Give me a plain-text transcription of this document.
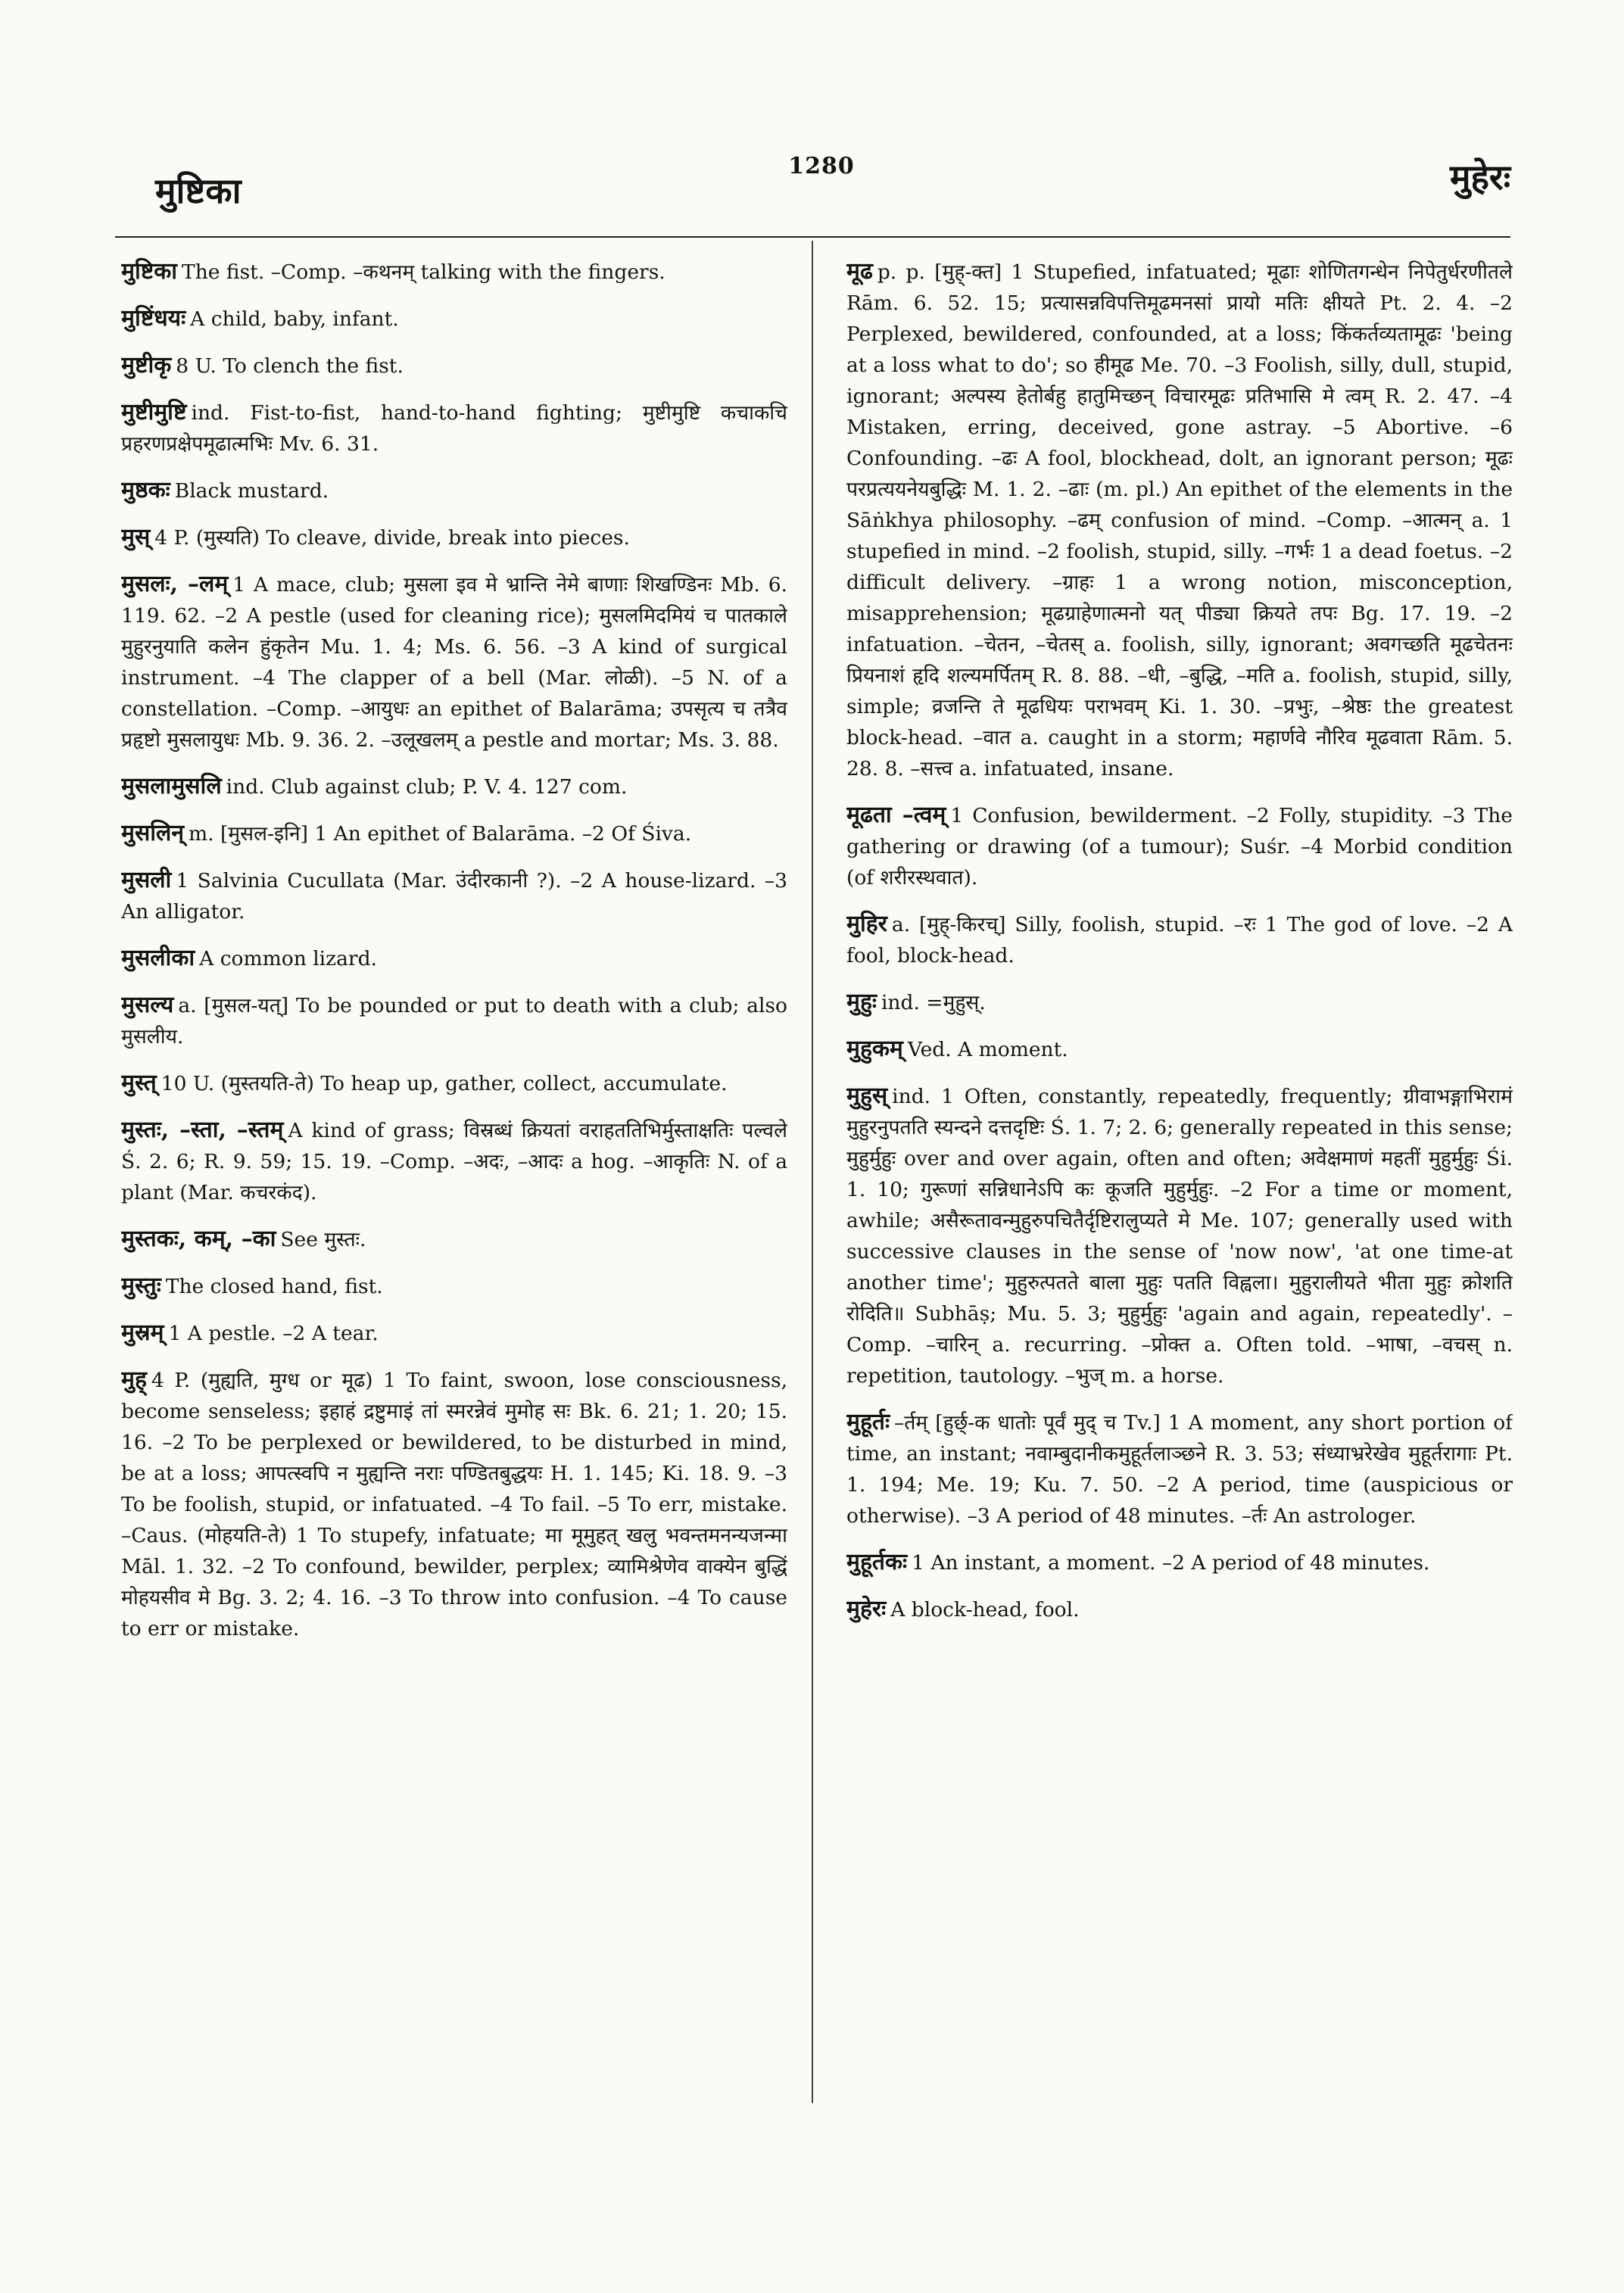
मुष्टिका
1280	मुहेरः

मुष्टिका The fist. –Comp. –कथनम् talking with the fingers.

मुष्टिंधयः A child, baby, infant.

मुष्टीकृ 8 U. To clench the fist.

मुष्टीमुष्टि ind. Fist-to-fist, hand-to-hand fighting; मुष्टीमुष्टि कचाकचि प्रहरणप्रक्षेपमूढात्मभिः Mv. 6. 31.

मुष्ठकः Black mustard.

मुस् 4 P. (मुस्यति) To cleave, divide, break into pieces.

मुसलः, –लम् 1 A mace, club; मुसला इव मे भ्रान्ति नेमे बाणाः शिखण्डिनः Mb. 6. 119. 62. –2 A pestle (used for cleaning rice); मुसलमिदमियं च पातकाले मुहुरनुयाति कलेन हुंकृतेन Mu. 1. 4; Ms. 6. 56. –3 A kind of surgical instrument. –4 The clapper of a bell (Mar. लोळी). –5 N. of a constellation. –Comp. –आयुधः an epithet of Balarāma; उपसृत्य च तत्रैव प्रहृष्टो मुसलायुधः Mb. 9. 36. 2. –उलूखलम् a pestle and mortar; Ms. 3. 88.

मुसलामुसलि ind. Club against club; P. V. 4. 127 com.

मुसलिन् m. [मुसल-इनि] 1 An epithet of Balarāma. –2 Of Śiva.

मुसली 1 Salvinia Cucullata (Mar. उंदीरकानी ?). –2 A house-lizard. –3 An alligator.

मुसलीका A common lizard.

मुसल्य a. [मुसल-यत्] To be pounded or put to death with a club; also मुसलीय.

मुस्त् 10 U. (मुस्तयति-ते) To heap up, gather, collect, accumulate.

मुस्तः, –स्ता, –स्तम् A kind of grass; विस्रब्धं क्रियतां वराहततिभिर्मुस्ताक्षतिः पल्वले Ś. 2. 6; R. 9. 59; 15. 19. –Comp. –अदः, –आदः a hog. –आकृतिः N. of a plant (Mar. कचरकंद).

मुस्तकः, कम्, –का See मुस्तः.

मुस्तुः The closed hand, fist.

मुस्रम् 1 A pestle. –2 A tear.

मुह् 4 P. (मुह्यति, मुग्ध or मूढ) 1 To faint, swoon, lose consciousness, become senseless; इहाहं द्रष्टुमाइं तां स्मरन्नेवं मुमोह सः Bk. 6. 21; 1. 20; 15. 16. –2 To be perplexed or bewildered, to be disturbed in mind, be at a loss; आपत्स्वपि न मुह्यन्ति नराः पण्डितबुद्धयः H. 1. 145; Ki. 18. 9. –3 To be foolish, stupid, or infatuated. –4 To fail. –5 To err, mistake. –Caus. (मोहयति-ते) 1 To stupefy, infatuate; मा मूमुहत् खलु भवन्तमनन्यजन्मा Māl. 1. 32. –2 To confound, bewilder, perplex; व्यामिश्रेणेव वाक्येन बुद्धिं मोहयसीव मे Bg. 3. 2; 4. 16. –3 To throw into confusion. –4 To cause to err or mistake.

मूढ p. p. [मुह्-क्त] 1 Stupefied, infatuated; मूढाः शोणितगन्धेन निपेतुर्धरणीतले Rām. 6. 52. 15; प्रत्यासन्नविपत्तिमूढमनसां प्रायो मतिः क्षीयते Pt. 2. 4. –2 Perplexed, bewildered, confounded, at a loss; किंकर्तव्यतामूढः 'being at a loss what to do'; so हीमूढ Me. 70. –3 Foolish, silly, dull, stupid, ignorant; अल्पस्य हेतोर्बहु हातुमिच्छन् विचारमूढः प्रतिभासि मे त्वम् R. 2. 47. –4 Mistaken, erring, deceived, gone astray. –5 Abortive. –6 Confounding. –ढः A fool, blockhead, dolt, an ignorant person; मूढः परप्रत्ययनेयबुद्धिः M. 1. 2. –ढाः (m. pl.) An epithet of the elements in the Sāṅkhya philosophy. –ढम् confusion of mind. –Comp. –आत्मन् a. 1 stupefied in mind. –2 foolish, stupid, silly. –गर्भः 1 a dead foetus. –2 difficult delivery. –ग्राहः 1 a wrong notion, misconception, misapprehension; मूढग्राहेणात्मनो यत् पीड्या क्रियते तपः Bg. 17. 19. –2 infatuation. –चेतन, –चेतस् a. foolish, silly, ignorant; अवगच्छति मूढचेतनः प्रियनाशं हृदि शल्यमर्पितम् R. 8. 88. –धी, –बुद्धि, –मति a. foolish, stupid, silly, simple; व्रजन्ति ते मूढधियः पराभवम् Ki. 1. 30. –प्रभुः, –श्रेष्ठः the greatest block-head. –वात a. caught in a storm; महार्णवे नौरिव मूढवाता Rām. 5. 28. 8. –सत्त्व a. infatuated, insane.

मूढता –त्वम् 1 Confusion, bewilderment. –2 Folly, stupidity. –3 The gathering or drawing (of a tumour); Suśr. –4 Morbid condition (of शरीरस्थवात).

मुहिर a. [मुह्-किरच्] Silly, foolish, stupid. –रः 1 The god of love. –2 A fool, block-head.

मुहुः ind. =मुहुस्.

मुहुकम् Ved. A moment.

मुहुस् ind. 1 Often, constantly, repeatedly, frequently; ग्रीवाभङ्गाभिरामं मुहुरनुपतति स्यन्दने दत्तदृष्टिः Ś. 1. 7; 2. 6; generally repeated in this sense; मुहुर्मुहुः over and over again, often and often; अवेक्षमाणं महतीं मुहुर्मुहुः Śi. 1. 10; गुरूणां सन्निधानेऽपि कः कूजति मुहुर्मुहुः. –2 For a time or moment, awhile; असैरूतावन्मुहुरुपचितैर्दृष्टिरालुप्यते मे Me. 107; generally used with successive clauses in the sense of 'now now', 'at one time-at another time'; मुहुरुत्पतते बाला मुहुः पतति विह्वला। मुहुरालीयते भीता मुहुः क्रोशति रोदिति॥ Subhāṣ; Mu. 5. 3; मुहुर्मुहुः 'again and again, repeatedly'. –Comp. –चारिन् a. recurring. –प्रोक्त a. Often told. –भाषा, –वचस् n. repetition, tautology. –भुज् m. a horse.

मुहूर्तः –र्तम् [हुर्छ्-क धातोः पूर्वं मुद् च Tv.] 1 A moment, any short portion of time, an instant; नवाम्बुदानीकमुहूर्तलाञ्छने R. 3. 53; संध्याभ्ररेखेव मुहूर्तरागाः Pt. 1. 194; Me. 19; Ku. 7. 50. –2 A period, time (auspicious or otherwise). –3 A period of 48 minutes. –र्तः An astrologer.

मुहूर्तकः 1 An instant, a moment. –2 A period of 48 minutes.

मुहेरः A block-head, fool.
